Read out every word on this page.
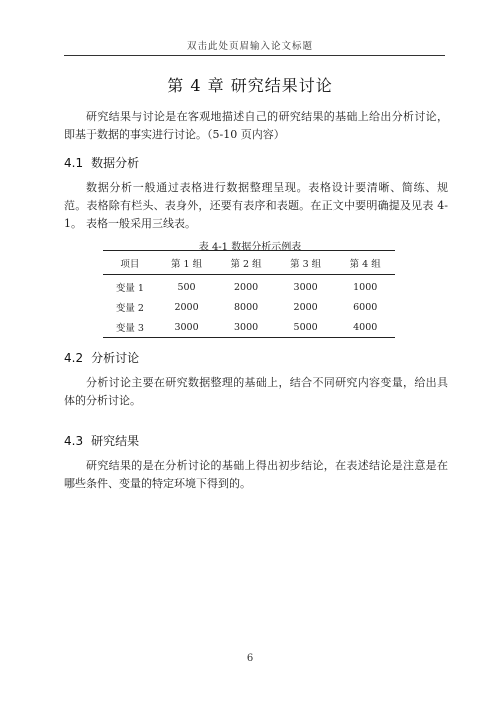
双击此处页眉输入论文标题
第 4 章 研究结果讨论

研究结果与讨论是在客观地描述自己的研究结果的基础上给出分析讨论，即基于数据的事实进行讨论。（5-10 页内容）

4.1 数据分析

数据分析一般通过表格进行数据整理呈现。表格设计要清晰、简练、规范。表格除有栏头、表身外，还要有表序和表题。在正文中要明确提及见表 4-1。 表格一般采用三线表。

表 4-1 数据分析示例表
项目	第 1 组	第 2 组	第 3 组	第 4 组
变量 1	500	2000	3000	1000
变量 2	2000	8000	2000	6000
变量 3	3000	3000	5000	4000
4.2 分析讨论

分析讨论主要在研究数据整理的基础上，结合不同研究内容变量，给出具体的分析讨论。

4.3 研究结果

研究结果的是在分析讨论的基础上得出初步结论，在表述结论是注意是在哪些条件、变量的特定环境下得到的。

6
